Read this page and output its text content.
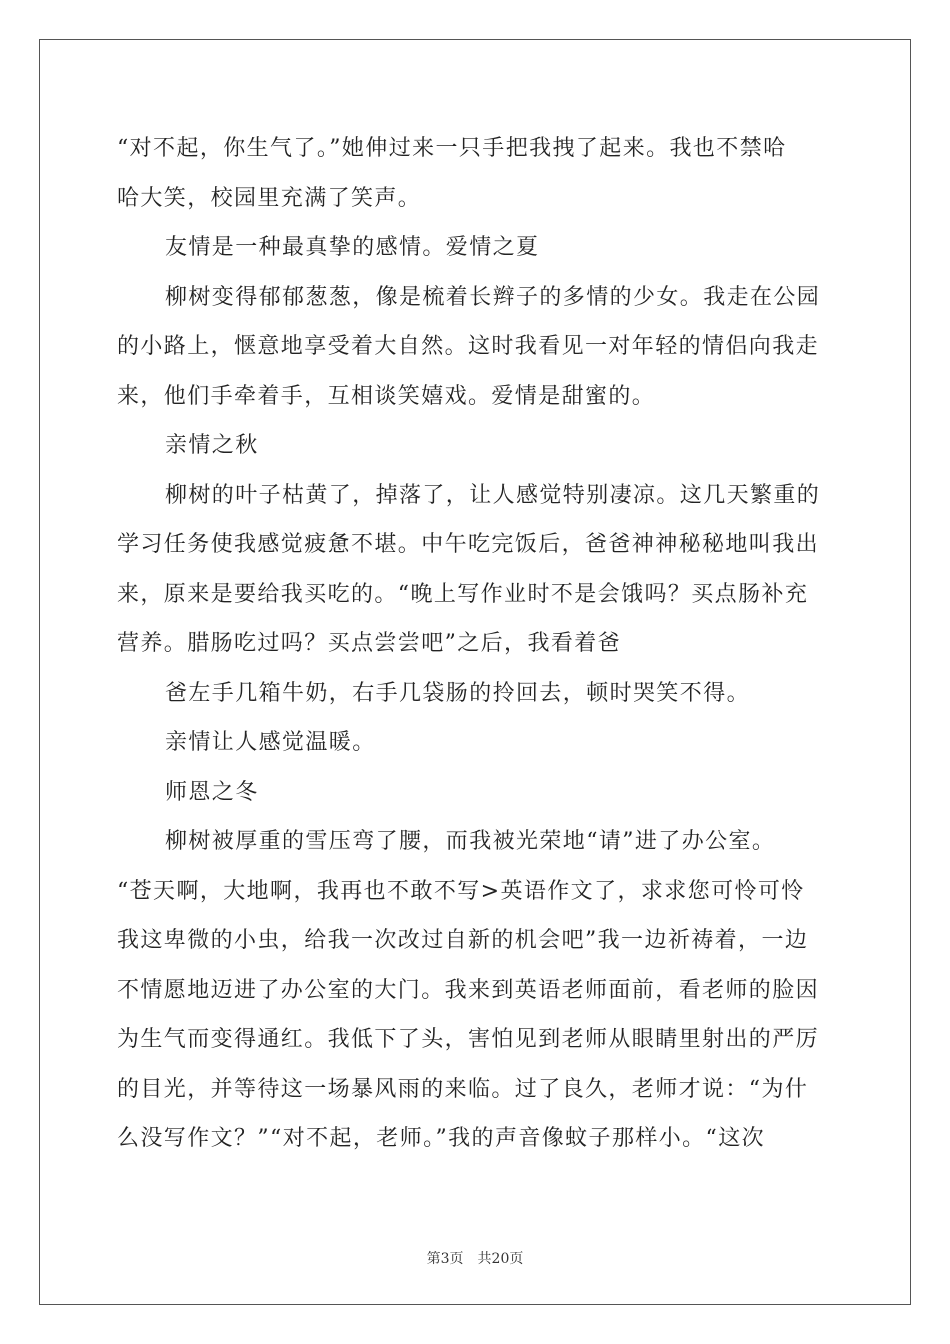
“对不起，你生气了。”她伸过来一只手把我拽了起来。我也不禁哈
哈大笑，校园里充满了笑声。
友情是一种最真挚的感情。爱情之夏
柳树变得郁郁葱葱，像是梳着长辫子的多情的少女。我走在公园
的小路上，惬意地享受着大自然。这时我看见一对年轻的情侣向我走
来，他们手牵着手，互相谈笑嬉戏。爱情是甜蜜的。
亲情之秋
柳树的叶子枯黄了，掉落了，让人感觉特别凄凉。这几天繁重的
学习任务使我感觉疲惫不堪。中午吃完饭后，爸爸神神秘秘地叫我出
来，原来是要给我买吃的。“晚上写作业时不是会饿吗？买点肠补充
营养。腊肠吃过吗？买点尝尝吧”之后，我看着爸
爸左手几箱牛奶，右手几袋肠的拎回去，顿时哭笑不得。
亲情让人感觉温暖。
师恩之冬
柳树被厚重的雪压弯了腰，而我被光荣地“请”进了办公室。
“苍天啊，大地啊，我再也不敢不写>英语作文了，求求您可怜可怜
我这卑微的小虫，给我一次改过自新的机会吧”我一边祈祷着，一边
不情愿地迈进了办公室的大门。我来到英语老师面前，看老师的脸因
为生气而变得通红。我低下了头，害怕见到老师从眼睛里射出的严厉
的目光，并等待这一场暴风雨的来临。过了良久，老师才说：“为什
么没写作文？”“对不起，老师。”我的声音像蚊子那样小。“这次
第3页 共20页
